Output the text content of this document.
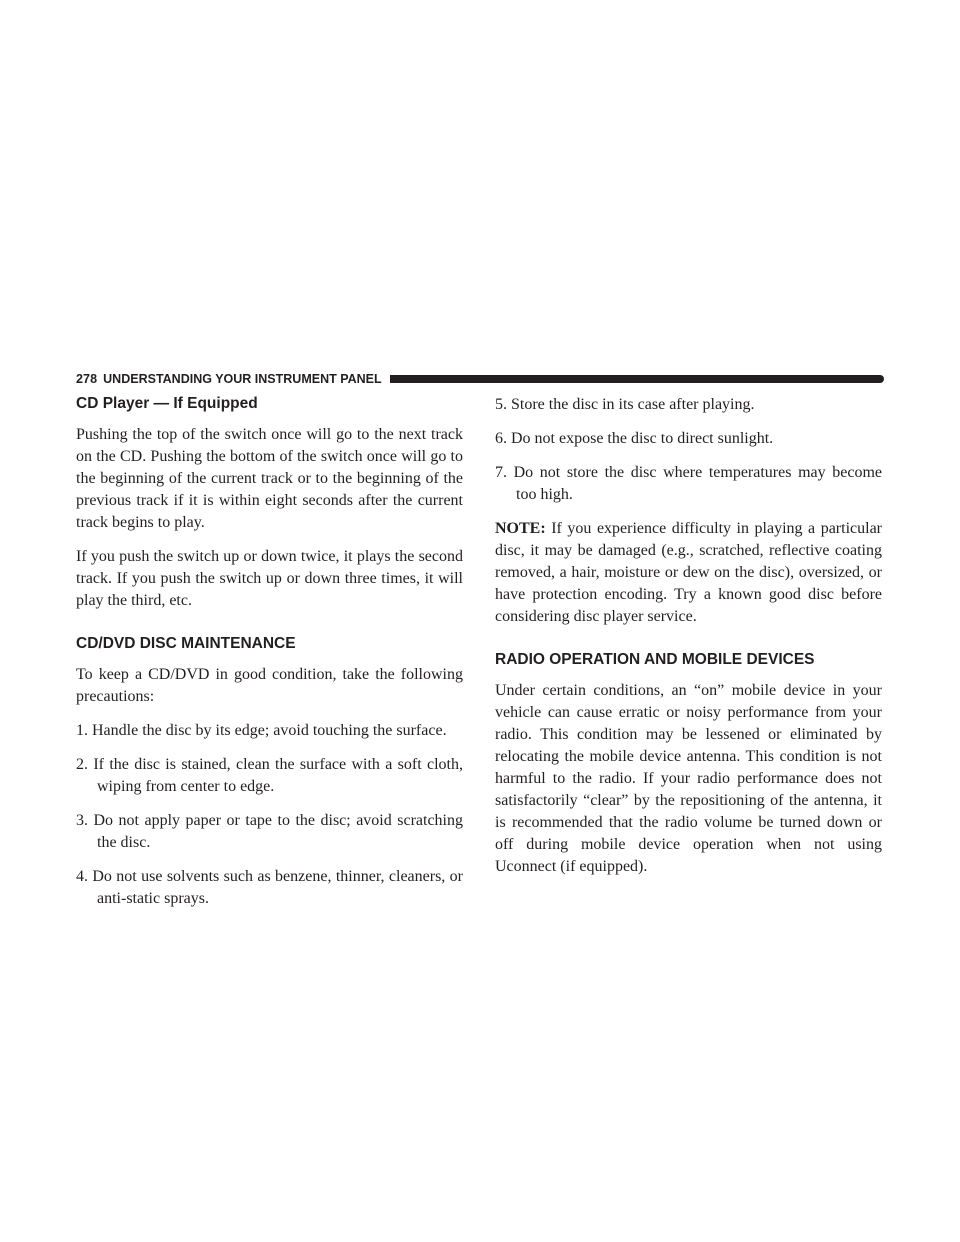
278 UNDERSTANDING YOUR INSTRUMENT PANEL
CD Player — If Equipped

Pushing the top of the switch once will go to the next track on the CD. Pushing the bottom of the switch once will go to the beginning of the current track or to the beginning of the previous track if it is within eight seconds after the current track begins to play.

If you push the switch up or down twice, it plays the second track. If you push the switch up or down three times, it will play the third, etc.

CD/DVD DISC MAINTENANCE

To keep a CD/DVD in good condition, take the following precautions:

1. Handle the disc by its edge; avoid touching the surface.

2. If the disc is stained, clean the surface with a soft cloth, wiping from center to edge.

3. Do not apply paper or tape to the disc; avoid scratching the disc.

4. Do not use solvents such as benzene, thinner, cleaners, or anti-static sprays.

5. Store the disc in its case after playing.

6. Do not expose the disc to direct sunlight.

7. Do not store the disc where temperatures may become too high.

NOTE: If you experience difficulty in playing a particular disc, it may be damaged (e.g., scratched, reflective coating removed, a hair, moisture or dew on the disc), oversized, or have protection encoding. Try a known good disc before considering disc player service.

RADIO OPERATION AND MOBILE DEVICES

Under certain conditions, an “on” mobile device in your vehicle can cause erratic or noisy performance from your radio. This condition may be lessened or eliminated by relocating the mobile device antenna. This condition is not harmful to the radio. If your radio performance does not satisfactorily “clear” by the repositioning of the antenna, it is recommended that the radio volume be turned down or off during mobile device operation when not using Uconnect (if equipped).
